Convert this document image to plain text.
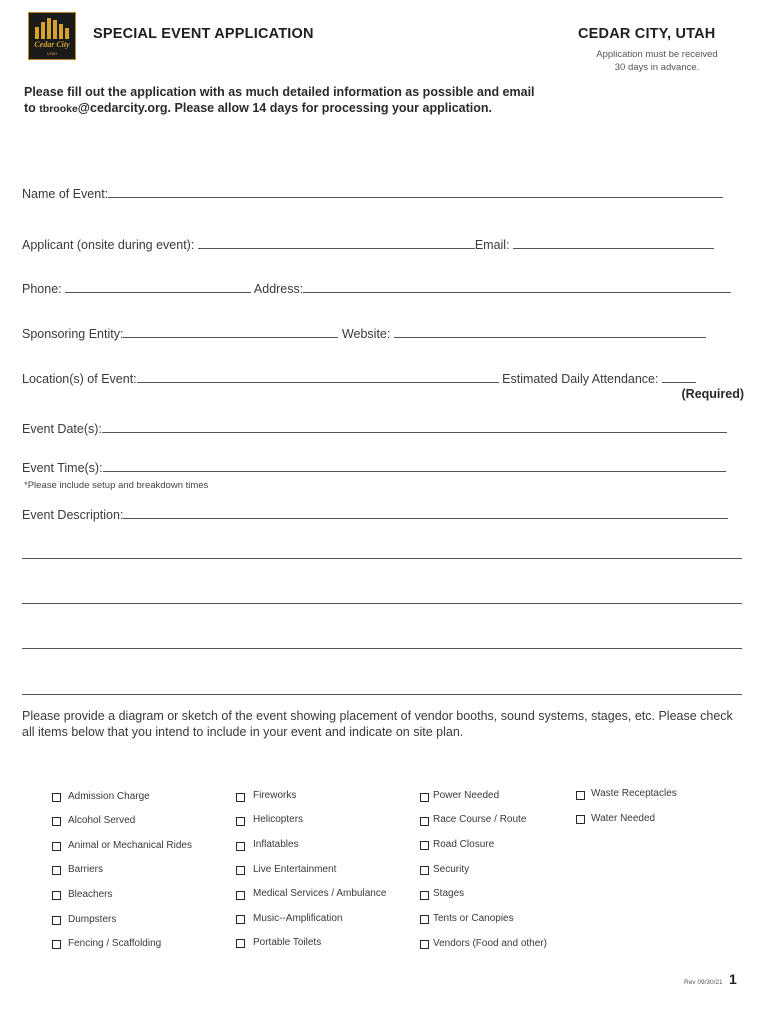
Cedar City
UTAH
SPECIAL EVENT APPLICATION	CEDAR CITY, UTAH
Application must be received
30 days in advance.
Please fill out the application with as much detailed information as possible and email to tbrooke@cedarcity.org. Please allow 14 days for processing your application.
Name of Event:
Applicant (onsite during event):	Email:
Phone:	Address:
Sponsoring Entity:	Website:
Location(s) of Event:	Estimated Daily Attendance:
(Required)
Event Date(s):
Event Time(s):
*Please include setup and breakdown times
Event Description:
Please provide a diagram or sketch of the event showing placement of vendor booths, sound systems, stages, etc. Please check all items below that you intend to include in your event and indicate on site plan.
Admission Charge
Alcohol Served
Animal or Mechanical Rides
Barriers
Bleachers
Dumpsters
Fencing / Scaffolding
Fireworks
Helicopters
Inflatables
Live Entertainment
Medical Services / Ambulance
Music--Amplification
Portable Toilets
Power Needed
Race Course / Route
Road Closure
Security
Stages
Tents or Canopies
Vendors (Food and other)
Waste Receptacles
Water Needed
Rev 09/30/21 1
